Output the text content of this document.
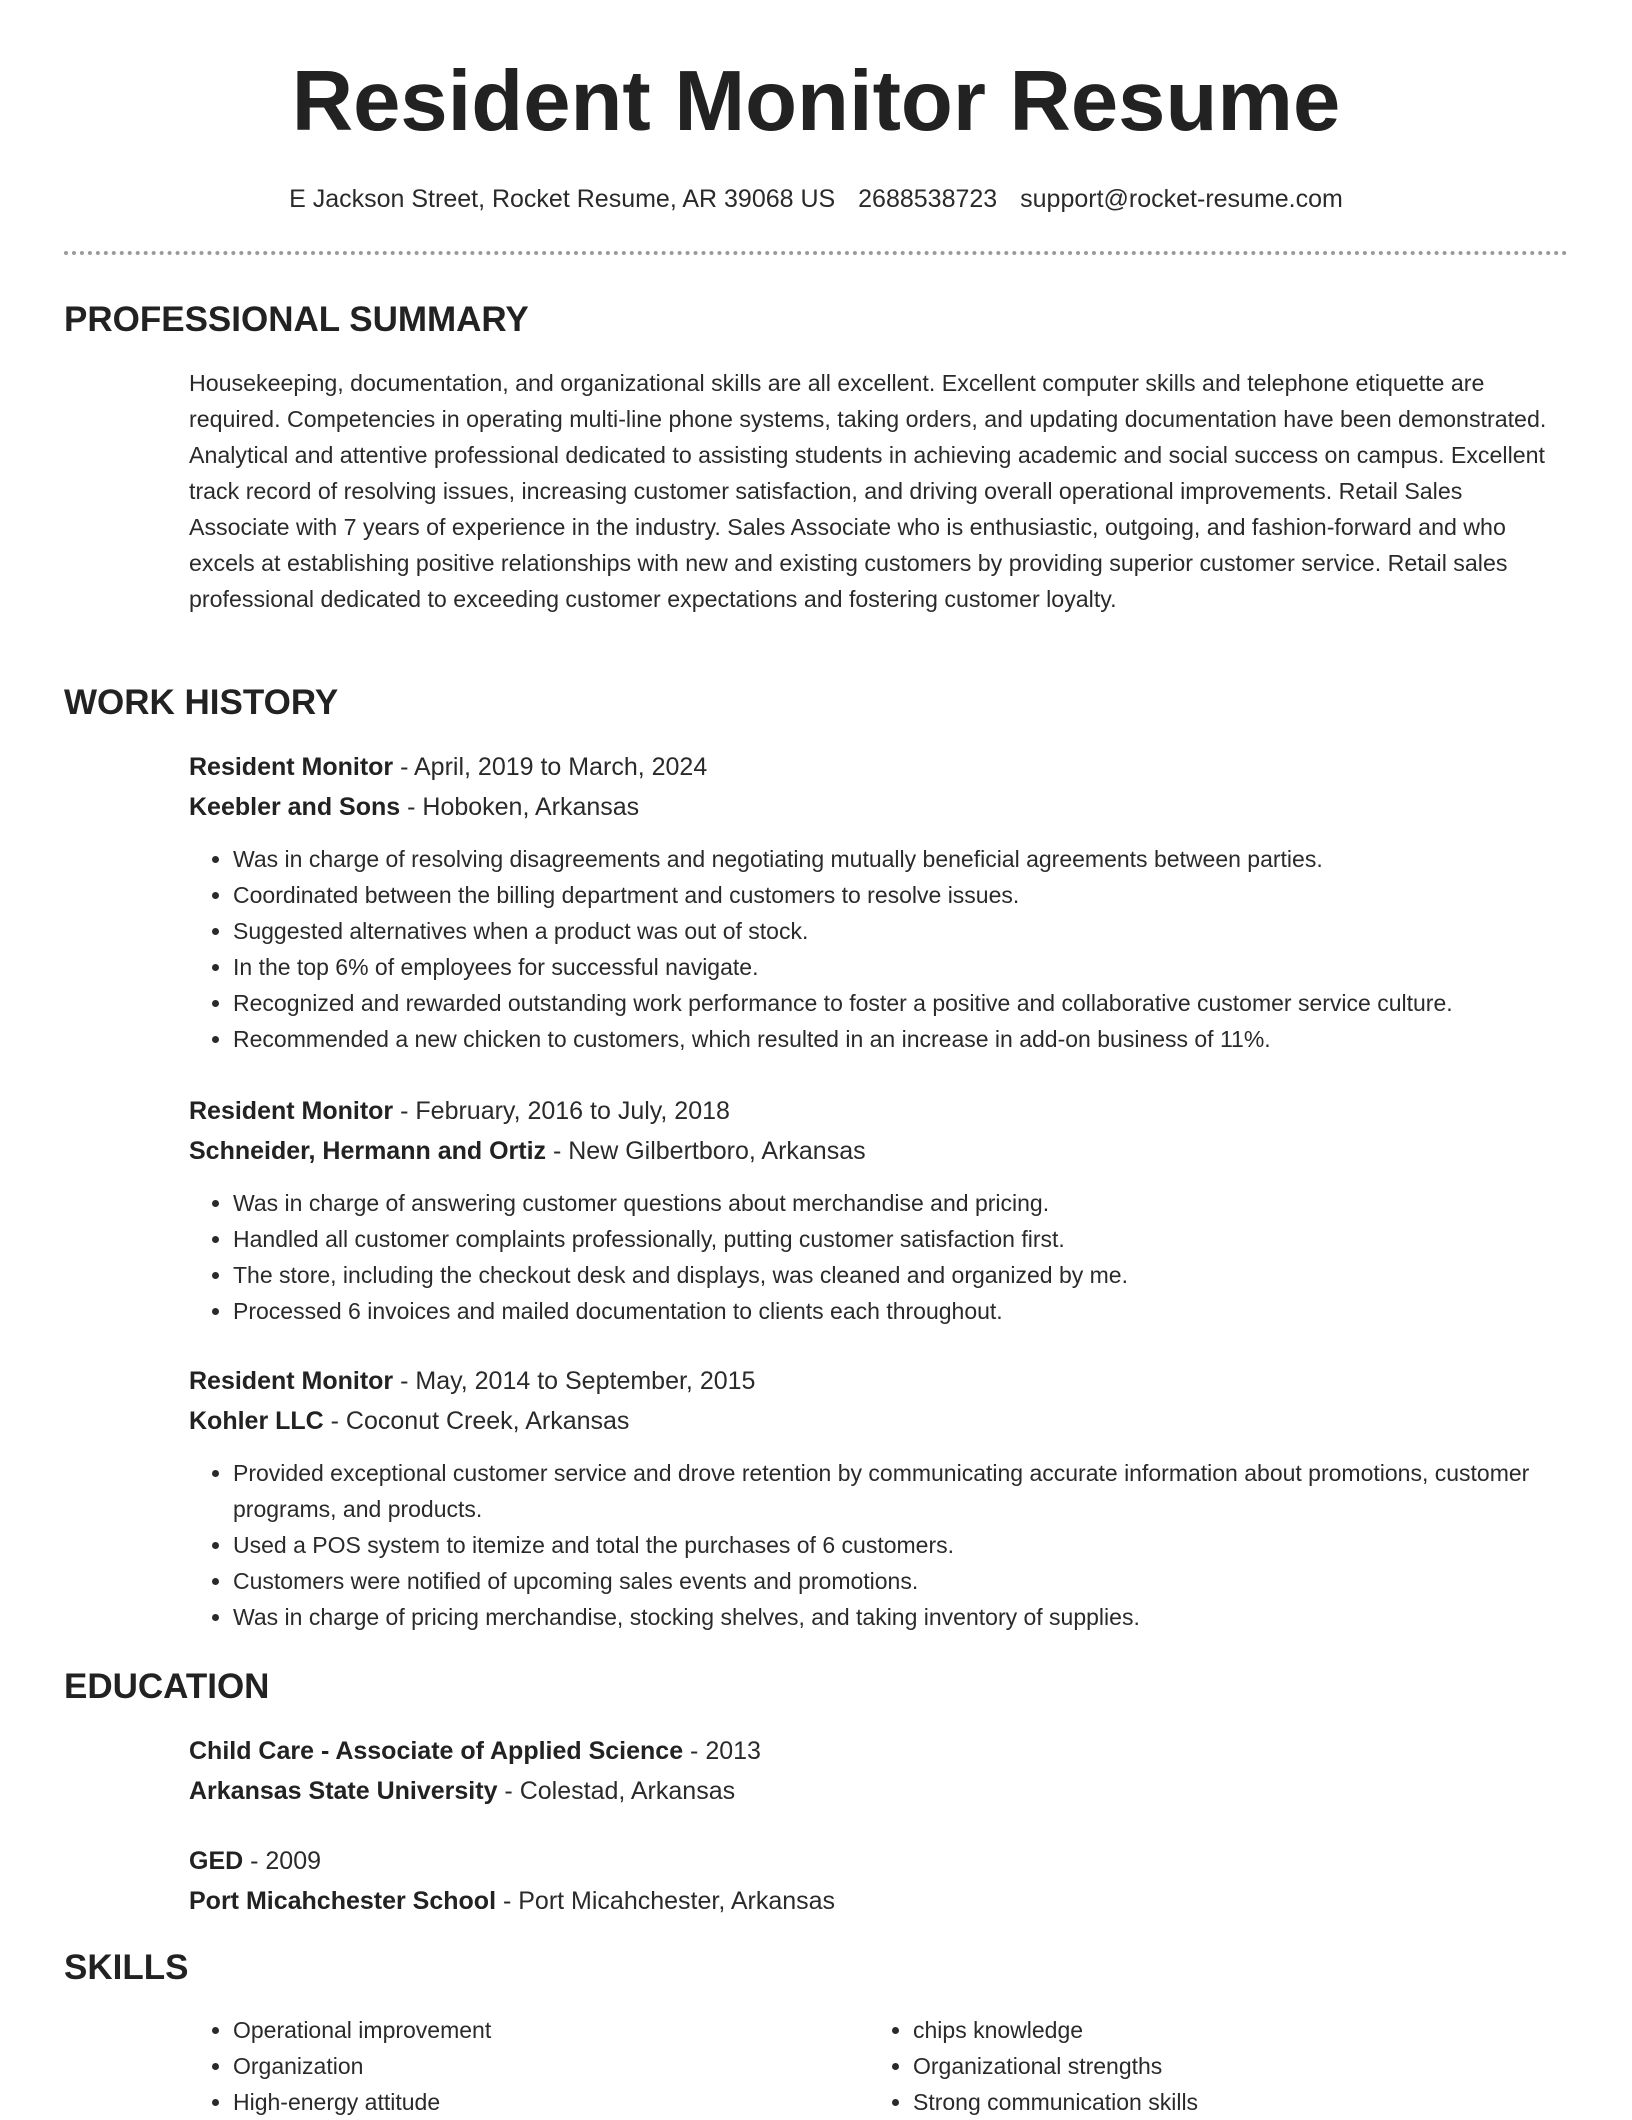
Resident Monitor Resume
E Jackson Street, Rocket Resume, AR 39068 US 2688538723 support@rocket-resume.com
PROFESSIONAL SUMMARY

Housekeeping, documentation, and organizational skills are all excellent. Excellent computer skills and telephone etiquette are required. Competencies in operating multi-line phone systems, taking orders, and updating documentation have been demonstrated. Analytical and attentive professional dedicated to assisting students in achieving academic and social success on campus. Excellent track record of resolving issues, increasing customer satisfaction, and driving overall operational improvements. Retail Sales Associate with 7 years of experience in the industry. Sales Associate who is enthusiastic, outgoing, and fashion-forward and who excels at establishing positive relationships with new and existing customers by providing superior customer service. Retail sales professional dedicated to exceeding customer expectations and fostering customer loyalty.

WORK HISTORY
Resident Monitor - April, 2019 to March, 2024
Keebler and Sons - Hoboken, Arkansas
• Was in charge of resolving disagreements and negotiating mutually beneficial agreements between parties.
• Coordinated between the billing department and customers to resolve issues.
• Suggested alternatives when a product was out of stock.
• In the top 6% of employees for successful navigate.
• Recognized and rewarded outstanding work performance to foster a positive and collaborative customer service culture.
• Recommended a new chicken to customers, which resulted in an increase in add-on business of 11%.
Resident Monitor - February, 2016 to July, 2018
Schneider, Hermann and Ortiz - New Gilbertboro, Arkansas
• Was in charge of answering customer questions about merchandise and pricing.
• Handled all customer complaints professionally, putting customer satisfaction first.
• The store, including the checkout desk and displays, was cleaned and organized by me.
• Processed 6 invoices and mailed documentation to clients each throughout.
Resident Monitor - May, 2014 to September, 2015
Kohler LLC - Coconut Creek, Arkansas
• Provided exceptional customer service and drove retention by communicating accurate information about promotions, customer programs, and products.
• Used a POS system to itemize and total the purchases of 6 customers.
• Customers were notified of upcoming sales events and promotions.
• Was in charge of pricing merchandise, stocking shelves, and taking inventory of supplies.
EDUCATION
Child Care - Associate of Applied Science - 2013
Arkansas State University - Colestad, Arkansas
GED - 2009
Port Micahchester School - Port Micahchester, Arkansas
SKILLS
• Operational improvement
• Organization
• High-energy attitude
• chips knowledge
• Organizational strengths
• Strong communication skills
